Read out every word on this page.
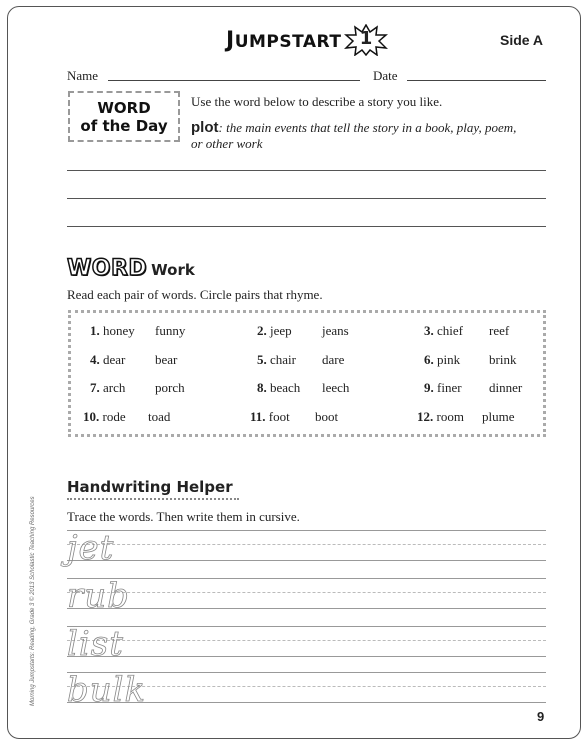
JUMPSTART 1	Side A
Name	Date
WORD
of the Day
Use the word below to describe a story you like.
plot: the main events that tell the story in a book, play, poem, or other work
WORD Work
Read each pair of words. Circle pairs that rhyme.
1. honey funny	2. jeep jeans	3. chief reef
4. dear bear	5. chair dare	6. pink brink
7. arch porch	8. beach leech	9. finer dinner
10. rode toad	11. foot boot	12. room plume
Handwriting Helper
Trace the words. Then write them in cursive.
jet
rub
list
bulk
Morning Jumpstarts: Reading, Grade 3 © 2013 Scholastic Teaching Resources
9
